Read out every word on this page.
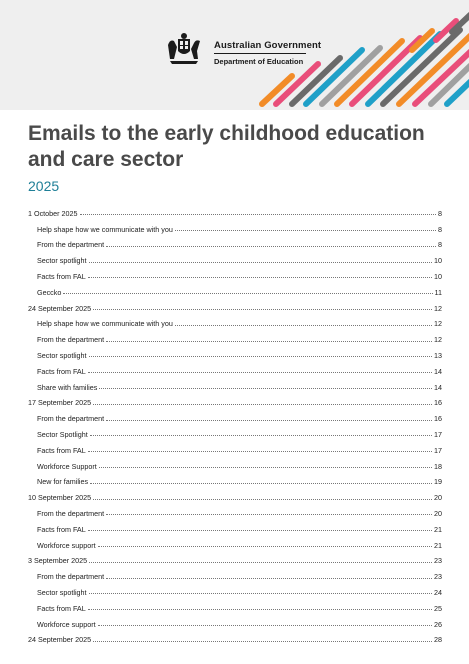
Australian Government
Department of Education
Emails to the early childhood education and care sector
2025
1 October 2025	8
Help shape how we communicate with you	8
From the department	8
Sector spotlight	10
Facts from FAL	10
Geccko	11
24 September 2025	12
Help shape how we communicate with you	12
From the department	12
Sector spotlight	13
Facts from FAL	14
Share with families	14
17 September 2025	16
From the department	16
Sector Spotlight	17
Facts from FAL	17
Workforce Support	18
New for families	19
10 September 2025	20
From the department	20
Facts from FAL	21
Workforce support	21
3 September 2025	23
From the department	23
Sector spotlight	24
Facts from FAL	25
Workforce support	26
24 September 2025	28
